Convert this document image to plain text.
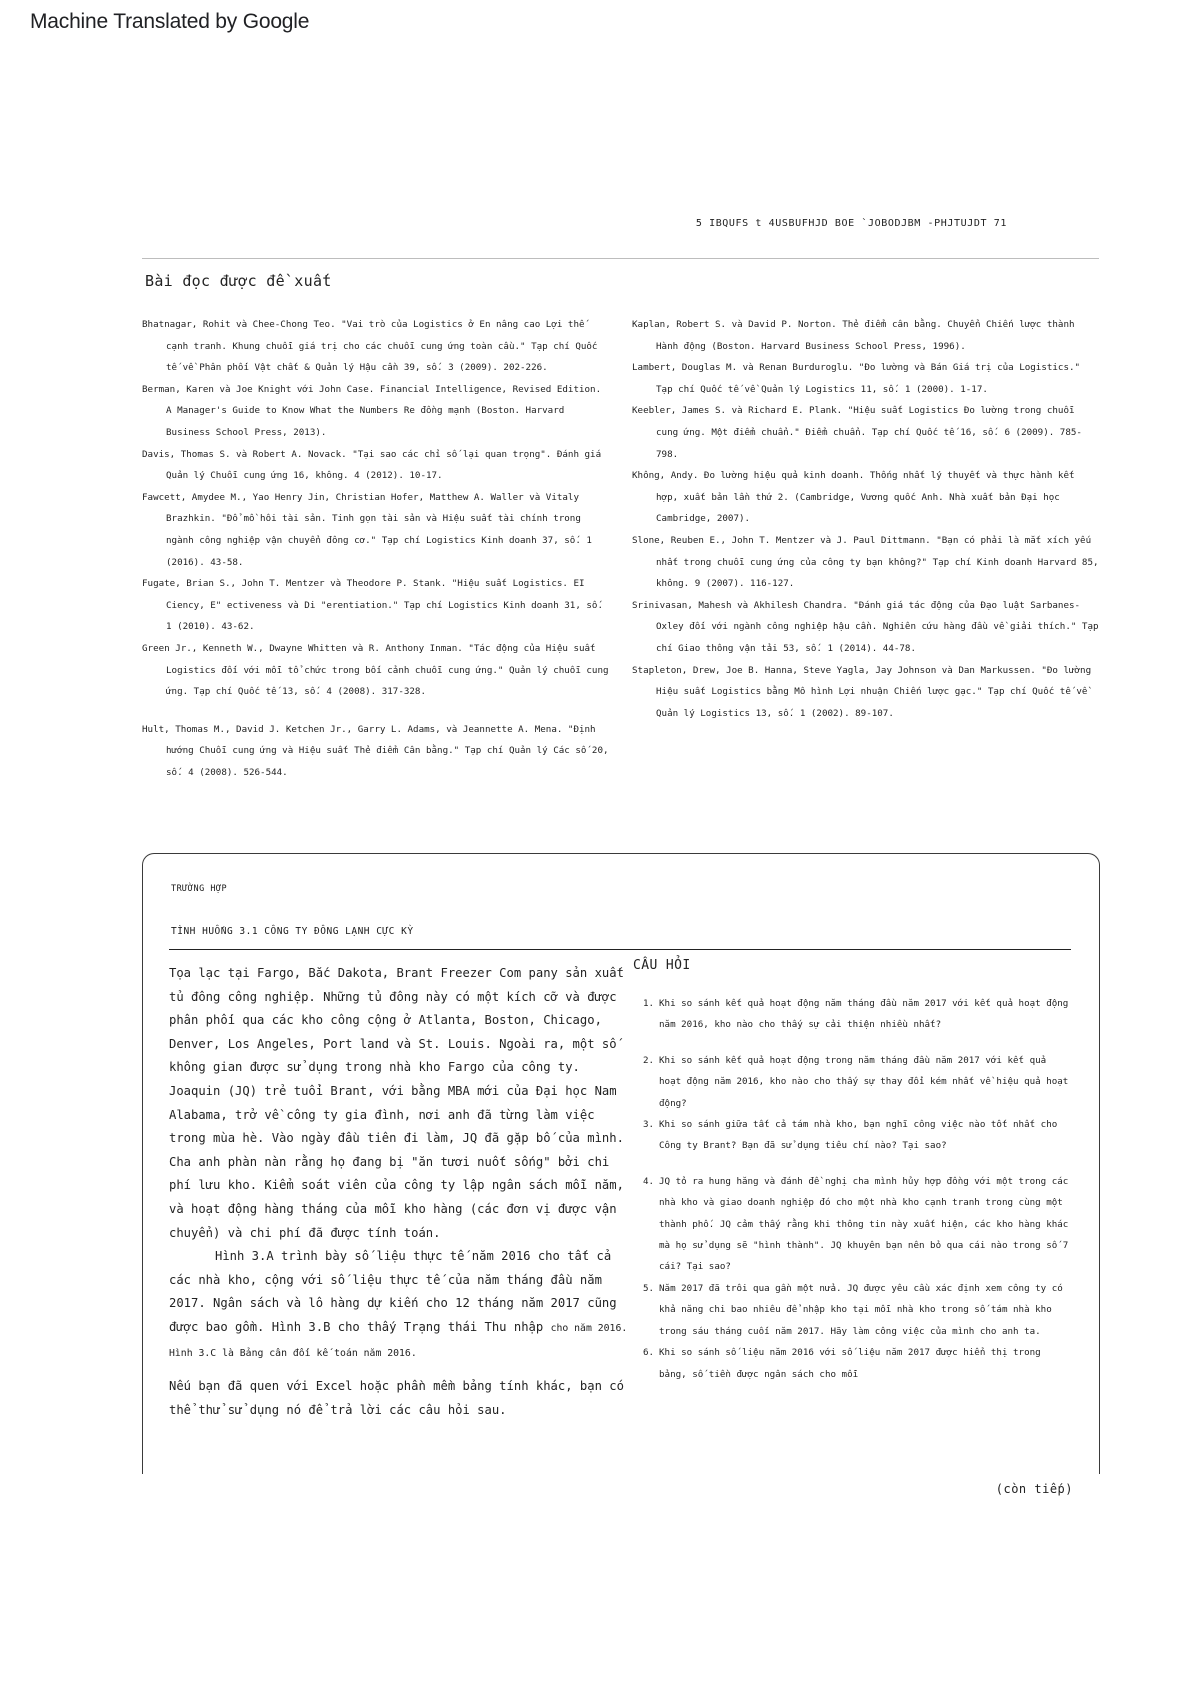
Machine Translated by Google
5 IBQUFS t 4USBUFHJD BOE `JOBODJBM -PHJTUJDT 71
Bài đọc được đề xuất
Bhatnagar, Rohit và Chee-Chong Teo. "Vai trò của Logistics ở En nâng cao Lợi thế cạnh tranh. Khung chuỗi giá trị cho các chuỗi cung ứng toàn cầu." Tạp chí Quốc tế về Phân phối Vật chất & Quản lý Hậu cần 39, số. 3 (2009). 202-226.
Berman, Karen và Joe Knight với John Case. Financial Intelligence, Revised Edition. A Manager's Guide to Know What the Numbers Re đồng mạnh (Boston. Harvard Business School Press, 2013).
Davis, Thomas S. và Robert A. Novack. "Tại sao các chỉ số lại quan trọng". Đánh giá Quản lý Chuỗi cung ứng 16, không. 4 (2012). 10-17.
Fawcett, Amydee M., Yao Henry Jin, Christian Hofer, Matthew A. Waller và Vitaly Brazhkin. "Đổ mồ hôi tài sản. Tinh gọn tài sản và Hiệu suất tài chính trong ngành công nghiệp vận chuyển đông cơ." Tạp chí Logistics Kinh doanh 37, số. 1 (2016). 43-58.
Fugate, Brian S., John T. Mentzer và Theodore P. Stank. "Hiệu suất Logistics. EI Ciency, E" ectiveness và Di "erentiation." Tạp chí Logistics Kinh doanh 31, số. 1 (2010). 43-62.
Green Jr., Kenneth W., Dwayne Whitten và R. Anthony Inman. "Tác động của Hiệu suất Logistics đối với mỗi tổ chức trong bối cảnh chuỗi cung ứng." Quản lý chuỗi cung ứng. Tạp chí Quốc tế 13, số. 4 (2008). 317-328.
Hult, Thomas M., David J. Ketchen Jr., Garry L. Adams, và Jeannette A. Mena. "Định hướng Chuỗi cung ứng và Hiệu suất Thẻ điểm Cân bằng." Tạp chí Quản lý Các số 20, số. 4 (2008). 526-544.
Kaplan, Robert S. và David P. Norton. Thẻ điểm cân bằng. Chuyển Chiến lược thành Hành động (Boston. Harvard Business School Press, 1996).
Lambert, Douglas M. và Renan Burduroglu. "Đo lường và Bán Giá trị của Logistics." Tạp chí Quốc tế về Quản lý Logistics 11, số. 1 (2000). 1-17.
Keebler, James S. và Richard E. Plank. "Hiệu suất Logistics Đo lường trong chuỗi cung ứng. Một điểm chuẩn." Điểm chuẩn. Tạp chí Quốc tế 16, số. 6 (2009). 785-798.
Không, Andy. Đo lường hiệu quả kinh doanh. Thống nhất lý thuyết và thực hành kết hợp, xuất bản lần thứ 2. (Cambridge, Vương quốc Anh. Nhà xuất bản Đại học Cambridge, 2007).
Slone, Reuben E., John T. Mentzer và J. Paul Dittmann. "Bạn có phải là mắt xích yếu nhất trong chuỗi cung ứng của công ty bạn không?" Tạp chí Kinh doanh Harvard 85, không. 9 (2007). 116-127.
Srinivasan, Mahesh và Akhilesh Chandra. "Đánh giá tác động của Đạo luật Sarbanes-Oxley đối với ngành công nghiệp hậu cần. Nghiên cứu hàng đầu về giải thích." Tạp chí Giao thông vận tải 53, số. 1 (2014). 44-78.
Stapleton, Drew, Joe B. Hanna, Steve Yagla, Jay Johnson và Dan Markussen. "Đo lường Hiệu suất Logistics bằng Mô hình Lợi nhuận Chiến lược gạc." Tạp chí Quốc tế về Quản lý Logistics 13, số. 1 (2002). 89-107.
TRƯỜNG HỢP
TÌNH HUỐNG 3.1 CÔNG TY ĐÔNG LẠNH CỰC KỲ

Tọa lạc tại Fargo, Bắc Dakota, Brant Freezer Com pany sản xuất tủ đông công nghiệp. Những tủ đông này có một kích cỡ và được phân phối qua các kho công cộng ở Atlanta, Boston, Chicago, Denver, Los Angeles, Port land và St. Louis. Ngoài ra, một số không gian được sử dụng trong nhà kho Fargo của công ty. Joaquin (JQ) trẻ tuổi Brant, với bằng MBA mới của Đại học Nam Alabama, trở về công ty gia đình, nơi anh đã từng làm việc trong mùa hè. Vào ngày đầu tiên đi làm, JQ đã gặp bố của mình. Cha anh phàn nàn rằng họ đang bị "ăn tươi nuốt sống" bởi chi phí lưu kho. Kiểm soát viên của công ty lập ngân sách mỗi năm, và hoạt động hàng tháng của mỗi kho hàng (các đơn vị được vận chuyển) và chi phí đã được tính toán.

Hình 3.A trình bày số liệu thực tế năm 2016 cho tất cả các nhà kho, cộng với số liệu thực tế của năm tháng đầu năm 2017. Ngân sách và lô hàng dự kiến cho 12 tháng năm 2017 cũng được bao gồm. Hình 3.B cho thấy Trạng thái Thu nhập cho năm 2016. Hình 3.C là Bảng cân đối kế toán năm 2016.

Nếu bạn đã quen với Excel hoặc phần mềm bảng tính khác, bạn có thể thử sử dụng nó để trả lời các câu hỏi sau.

CÂU HỎI
1. Khi so sánh kết quả hoạt động năm tháng đầu năm 2017 với kết quả hoạt động năm 2016, kho nào cho thấy sự cải thiện nhiều nhất?
2. Khi so sánh kết quả hoạt động trong năm tháng đầu năm 2017 với kết quả hoạt động năm 2016, kho nào cho thấy sự thay đổi kém nhất về hiệu quả hoạt động?
3. Khi so sánh giữa tất cả tám nhà kho, bạn nghĩ công việc nào tốt nhất cho Công ty Brant? Bạn đã sử dụng tiêu chí nào? Tại sao?
4. JQ tỏ ra hung hăng và đánh đề nghị cha mình hủy hợp đồng với một trong các nhà kho và giao doanh nghiệp đó cho một nhà kho cạnh tranh trong cùng một thành phố. JQ cảm thấy rằng khi thông tin này xuất hiện, các kho hàng khác mà họ sử dụng sẽ "hình thành". JQ khuyên bạn nên bỏ qua cái nào trong số 7 cái? Tại sao?
5. Năm 2017 đã trôi qua gần một nửa. JQ được yêu cầu xác định xem công ty có khả năng chi bao nhiêu để nhập kho tại mỗi nhà kho trong số tám nhà kho trong sáu tháng cuối năm 2017. Hãy làm công việc của mình cho anh ta.
6. Khi so sánh số liệu năm 2016 với số liệu năm 2017 được hiển thị trong bảng, số tiền được ngân sách cho mỗi
(còn tiếp)
